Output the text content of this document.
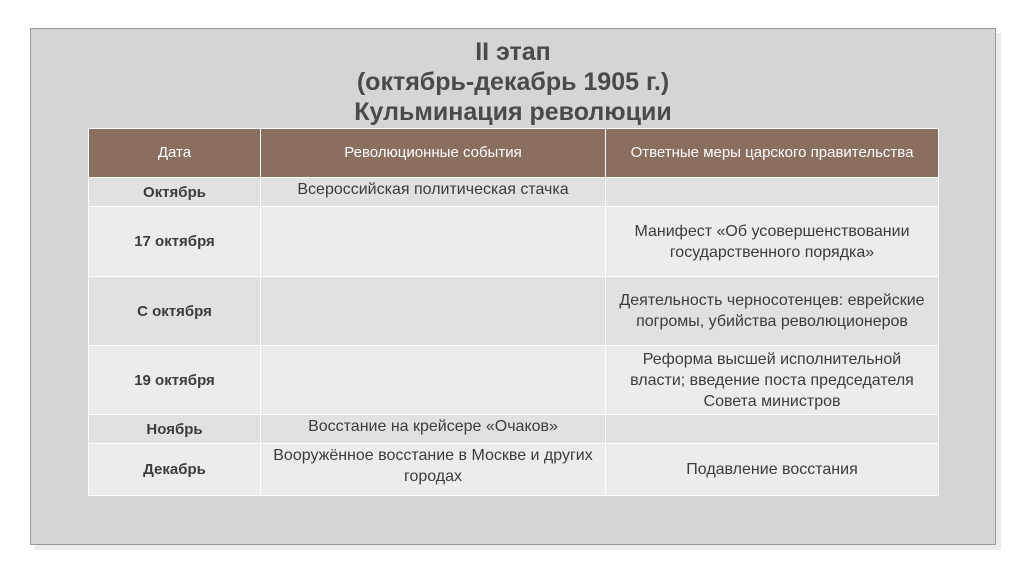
II этап
(октябрь-декабрь 1905 г.)
Кульминация революции
Дата	Революционные события	Ответные меры царского правительства
Октябрь	Всероссийская политическая стачка	
17 октября		Манифест «Об усовершенствовании государственного порядка»
С октября		Деятельность черносотенцев: еврейские погромы, убийства революционеров
19 октября		Реформа высшей исполнительной власти; введение поста председателя Совета министров
Ноябрь	Восстание на крейсере «Очаков»	
Декабрь	Вооружённое восстание в Москве и других городах	Подавление восстания
